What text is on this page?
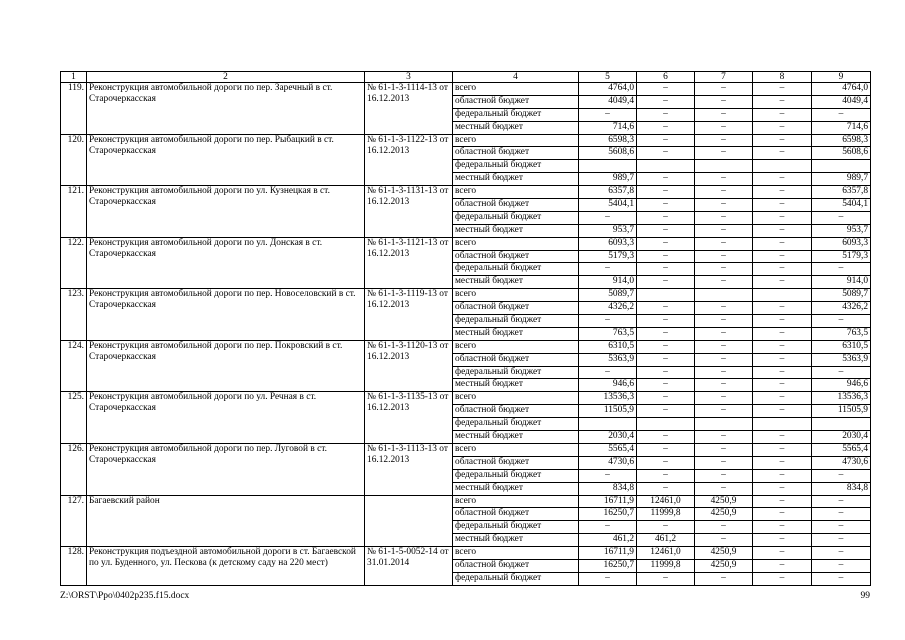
1	2	3	4	5	6	7	8	9
119.	Реконструкция автомобильной дороги по пер. Заречный в ст. Старочеркасская	№ 61-1-3-1114-13 от 16.12.2013	всего	4764,0	–	–	–	4764,0
			областной бюджет	4049,4	–	–	–	4049,4
			федеральный бюджет	–	–	–	–	–
			местный бюджет	714,6	–	–	–	714,6
120.	Реконструкция автомобильной дороги по пер. Рыбацкий в ст. Старочеркасская	№ 61-1-3-1122-13 от 16.12.2013	всего	6598,3	–	–	–	6598,3
			областной бюджет	5608,6	–	–	–	5608,6
			федеральный бюджет					
			местный бюджет	989,7	–	–	–	989,7
121.	Реконструкция автомобильной дороги по ул. Кузнецкая в ст. Старочеркасская	№ 61-1-3-1131-13 от 16.12.2013	всего	6357,8	–	–	–	6357,8
			областной бюджет	5404,1	–	–	–	5404,1
			федеральный бюджет	–	–	–	–	–
			местный бюджет	953,7	–	–	–	953,7
122.	Реконструкция автомобильной дороги по ул. Донская в ст. Старочеркасская	№ 61-1-3-1121-13 от 16.12.2013	всего	6093,3	–	–	–	6093,3
			областной бюджет	5179,3	–	–	–	5179,3
			федеральный бюджет	–	–	–	–	–
			местный бюджет	914,0	–	–	–	914,0
123.	Реконструкция автомобильной дороги по пер. Новоселовский в ст. Старочеркасская	№ 61-1-3-1119-13 от 16.12.2013	всего	5089,7				5089,7
			областной бюджет	4326,2	–	–	–	4326,2
			федеральный бюджет	–	–	–	–	–
			местный бюджет	763,5	–	–	–	763,5
124.	Реконструкция автомобильной дороги по пер. Покровский в ст. Старочеркасская	№ 61-1-3-1120-13 от 16.12.2013	всего	6310,5	–	–	–	6310,5
			областной бюджет	5363,9	–	–	–	5363,9
			федеральный бюджет	–	–	–	–	–
			местный бюджет	946,6	–	–	–	946,6
125.	Реконструкция автомобильной дороги по ул. Речная в ст. Старочеркасская	№ 61-1-3-1135-13 от 16.12.2013	всего	13536,3	–	–	–	13536,3
			областной бюджет	11505,9	–	–	–	11505,9
			федеральный бюджет					
			местный бюджет	2030,4	–	–	–	2030,4
126.	Реконструкция автомобильной дороги по пер. Луговой в ст. Старочеркасская	№ 61-1-3-1113-13 от 16.12.2013	всего	5565,4	–	–	–	5565,4
			областной бюджет	4730,6	–	–	–	4730,6
			федеральный бюджет	–	–	–	–	–
			местный бюджет	834,8	–	–	–	834,8
127.	Багаевский район		всего	16711,9	12461,0	4250,9	–	–
			областной бюджет	16250,7	11999,8	4250,9	–	–
			федеральный бюджет	–	–	–	–	–
			местный бюджет	461,2	461,2	–	–	–
128.	Реконструкция подъездной автомобильной дороги в ст. Багаевской по ул. Буденного, ул. Пескова (к детскому саду на 220 мест)	№ 61-1-5-0052-14 от 31.01.2014	всего	16711,9	12461,0	4250,9	–	–
			областной бюджет	16250,7	11999,8	4250,9	–	–
			федеральный бюджет	–	–	–	–	–
Z:\ORST\Ppo\0402p235.f15.docx	99
